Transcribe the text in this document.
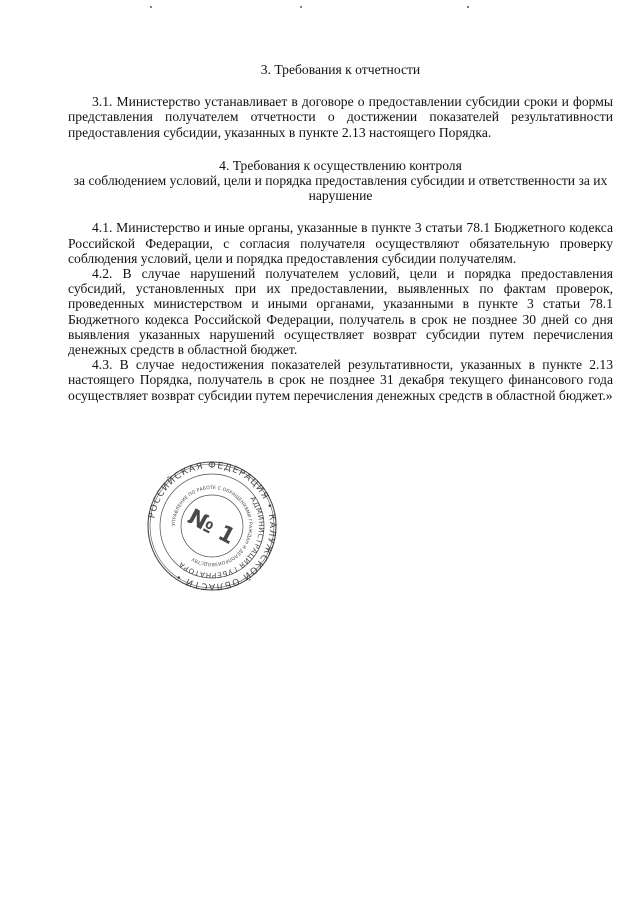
3. Требования к отчетности

3.1. Министерство устанавливает в договоре о предоставлении субсидии сроки и формы представления получателем отчетности о достижении показателей результативности предоставления субсидии, указанных в пункте 2.13 настоящего Порядка.

4. Требования к осуществлению контроля

за соблюдением условий, цели и порядка предоставления субсидии и ответственности за их нарушение

4.1. Министерство и иные органы, указанные в пункте 3 статьи 78.1 Бюджетного кодекса Российской Федерации, с согласия получателя осуществляют обязательную проверку соблюдения условий, цели и порядка предоставления субсидии получателям.

4.2. В случае нарушений получателем условий, цели и порядка предоставления субсидий, установленных при их предоставлении, выявленных по фактам проверок, проведенных министерством и иными органами, указанными в пункте 3 статьи 78.1 Бюджетного кодекса Российской Федерации, получатель в срок не позднее 30 дней со дня выявления указанных нарушений осуществляет возврат субсидии путем перечисления денежных средств в областной бюджет.

4.3. В случае недостижения показателей результативности, указанных в пункте 2.13 настоящего Порядка, получатель в срок не позднее 31 декабря текущего финансового года осуществляет возврат субсидии путем перечисления денежных средств в областной бюджет.»

РОССИЙСКАЯ ФЕДЕРАЦИЯ • КАЛУЖСКОЙ ОБЛАСТИ •
АДМИНИСТРАЦИЯ ГУБЕРНАТОРА
УПРАВЛЕНИЕ ПО РАБОТЕ С ОБРАЩЕНИЯМИ ГРАЖДАН И ДЕЛОПРОИЗВОДСТВУ
№ 1
